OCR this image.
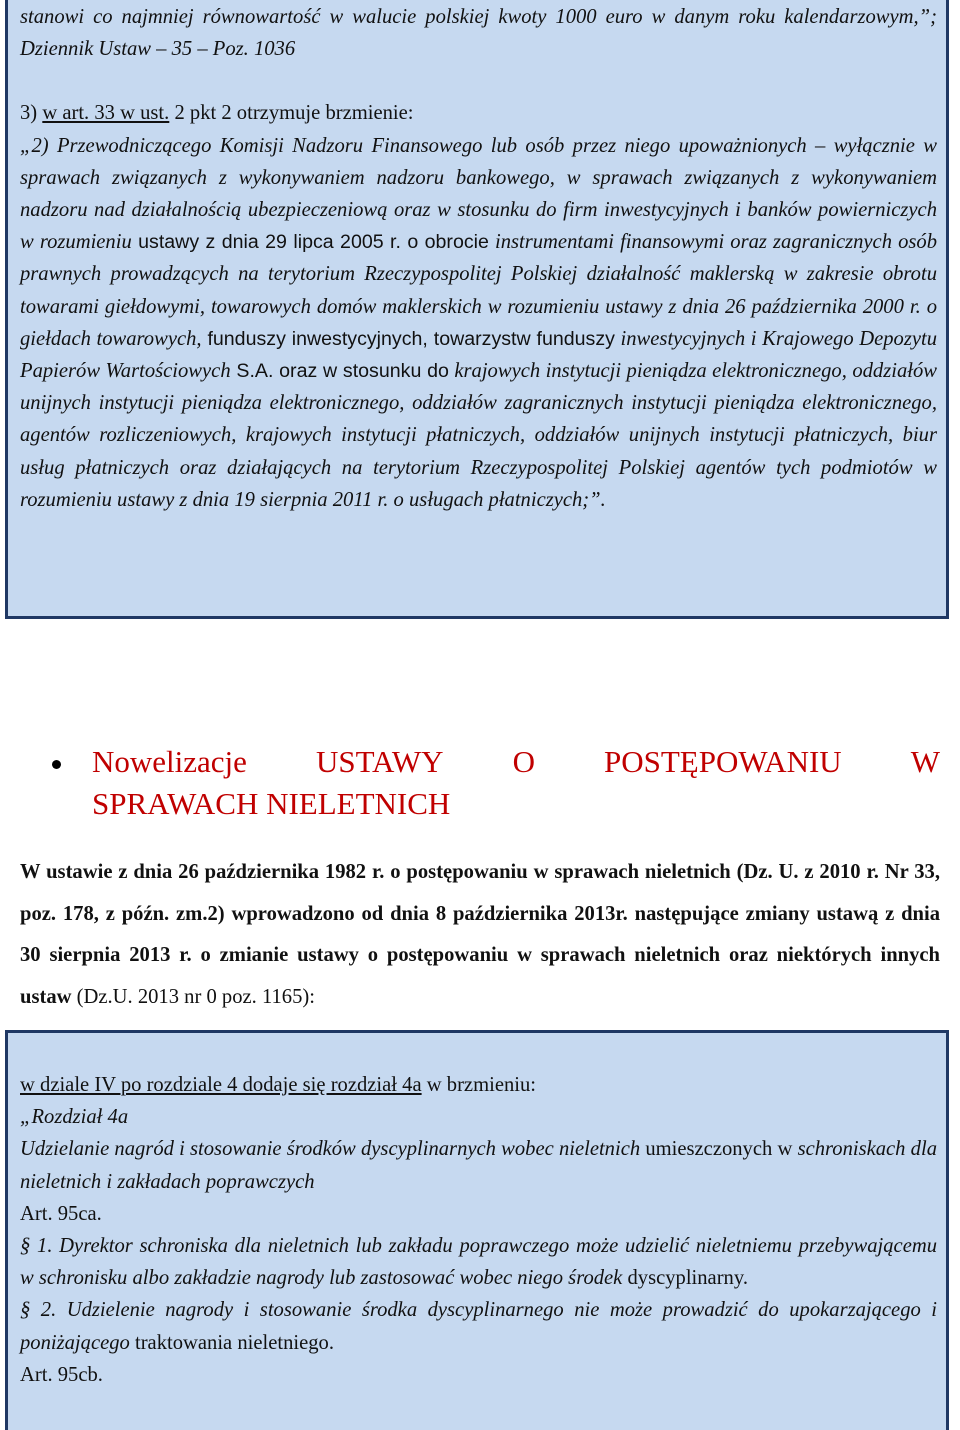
stanowi co najmniej równowartość w walucie polskiej kwoty 1000 euro w danym roku kalendarzowym,”; Dziennik Ustaw – 35 – Poz. 1036

3) w art. 33 w ust. 2 pkt 2 otrzymuje brzmienie:

„2) Przewodniczącego Komisji Nadzoru Finansowego lub osób przez niego upoważnionych – wyłącznie w sprawach związanych z wykonywaniem nadzoru bankowego, w sprawach związanych z wykonywaniem nadzoru nad działalnością ubezpieczeniową oraz w stosunku do firm inwestycyjnych i banków powierniczych w rozumieniu ustawy z dnia 29 lipca 2005 r. o obrocie instrumentami finansowymi oraz zagranicznych osób prawnych prowadzących na terytorium Rzeczypospolitej Polskiej działalność maklerską w zakresie obrotu towarami giełdowymi, towarowych domów maklerskich w rozumieniu ustawy z dnia 26 października 2000 r. o giełdach towarowych, funduszy inwestycyjnych, towarzystw funduszy inwestycyjnych i Krajowego Depozytu Papierów Wartościowych S.A. oraz w stosunku do krajowych instytucji pieniądza elektronicznego, oddziałów unijnych instytucji pieniądza elektronicznego, oddziałów zagranicznych instytucji pieniądza elektronicznego, agentów rozliczeniowych, krajowych instytucji płatniczych, oddziałów unijnych instytucji płatniczych, biur usług płatniczych oraz działających na terytorium Rzeczypospolitej Polskiej agentów tych podmiotów w rozumieniu ustawy z dnia 19 sierpnia 2011 r. o usługach płatniczych;”.

Nowelizacje USTAWY O POSTĘPOWANIU W
SPRAWACH NIELETNICH

W ustawie z dnia 26 października 1982 r. o postępowaniu w sprawach nieletnich (Dz. U. z 2010 r. Nr 33, poz. 178, z późn. zm.2) wprowadzono od dnia 8 października 2013r. następujące zmiany ustawą z dnia 30 sierpnia 2013 r. o zmianie ustawy o postępowaniu w sprawach nieletnich oraz niektórych innych ustaw (Dz.U. 2013 nr 0 poz. 1165):

w dziale IV po rozdziale 4 dodaje się rozdział 4a w brzmieniu:

„Rozdział 4a

Udzielanie nagród i stosowanie środków dyscyplinarnych wobec nieletnich umieszczonych w schroniskach dla nieletnich i zakładach poprawczych

Art. 95ca.

§ 1. Dyrektor schroniska dla nieletnich lub zakładu poprawczego może udzielić nieletniemu przebywającemu w schronisku albo zakładzie nagrody lub zastosować wobec niego środek dyscyplinarny.

§ 2. Udzielenie nagrody i stosowanie środka dyscyplinarnego nie może prowadzić do upokarzającego i poniżającego traktowania nieletniego.

Art. 95cb.
